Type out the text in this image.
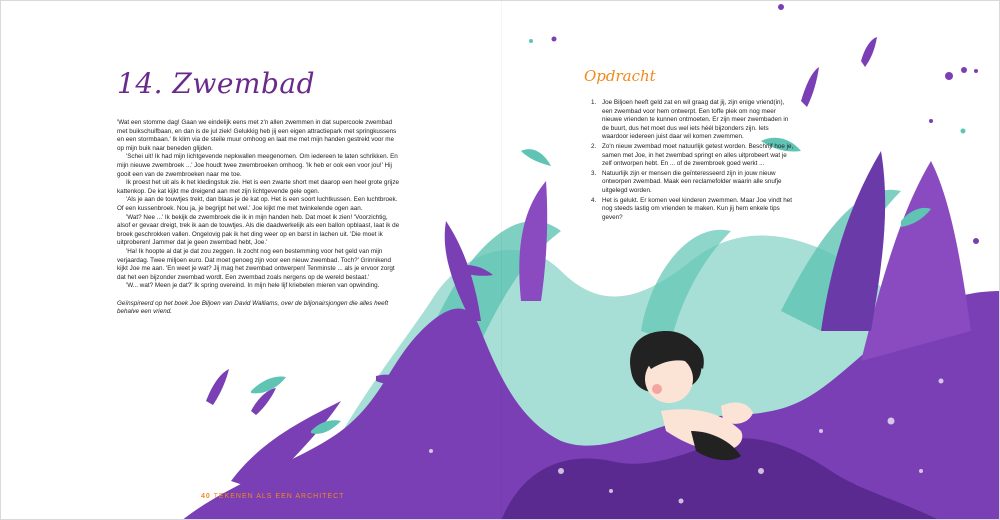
14. Zwembad

'Wat een stomme dag! Gaan we eindelijk eens met z'n allen zwemmen in dat supercoole zwembad met buikschuifbaan, en dan is de jul ziek! Gelukkig heb jij een eigen attractiepark met springkussens en een stormbaan.' Ik klim via de steile muur omhoog en laat me met mijn handen gestrekt voor me op mijn buik naar beneden glijden.

'Schei uit! Ik had mijn lichtgevende nepkwallen meegenomen. Om iedereen te laten schrikken. En mijn nieuwe zwembroek ...' Joe houdt twee zwembroeken omhoog. 'Ik heb er ook een voor jou!' Hij gooit een van de zwembroeken naar me toe.

Ik proest het uit als ik het kledingstuk zie. Het is een zwarte short met daarop een heel grote grijze kattenkop. De kat kijkt me dreigend aan met zijn lichtgevende gele ogen.

'Als je aan de touwtjes trekt, dan blaas je de kat op. Het is een soort luchtkussen. Een luchtbroek. Of een kussenbroek. Nou ja, je begrijpt het wel.' Joe kijkt me met twinkelende ogen aan.

'Wat? Nee ...' Ik bekijk de zwembroek die ik in mijn handen heb. Dat moet ik zien! 'Voorzichtig, alsof er gevaar dreigt, trek ik aan de touwtjes. Als die daadwerkelijk als een ballon opblaast, laat ik de broek geschrokken vallen. Ongelovig pak ik het ding weer op en barst in lachen uit. 'Die moet ik uitproberen! Jammer dat je geen zwembad hebt, Joe.'

'Ha! Ik hoopte al dat je dat zou zeggen. Ik zocht nog een bestemming voor het geld van mijn verjaardag. Twee miljoen euro. Dat moet genoeg zijn voor een nieuw zwembad. Toch?' Grinnikend kijkt Joe me aan. 'En weet je wat? Jij mag het zwembad ontwerpen! Tenminste ... als je ervoor zorgt dat het een bijzonder zwembad wordt. Een zwembad zoals nergens op de wereld bestaat.'

'W... wat? Meen je dat?' Ik spring overeind. In mijn hele lijf kriebelen mieren van opwinding.

Geïnspireerd op het boek Joe Biljoen van David Walliams, over de biljonairsjongen die alles heeft behalve een vriend.

40 TEKENEN ALS EEN ARCHITECT
Opdracht
1. Joe Biljoen heeft geld zat en wil graag dat jij, zijn enige vriend(in), een zwembad voor hem ontwerpt. Een toffe plek om nog meer nieuwe vrienden te kunnen ontmoeten. Er zijn meer zwembaden in de buurt, dus het moet dus wel iets héél bijzonders zijn. Iets waardoor iedereen juist daar wil komen zwemmen.
2. Zo'n nieuw zwembad moet natuurlijk getest worden. Beschrijf hoe je, samen met Joe, in het zwembad springt en alles uitprobeert wat je zelf ontworpen hebt. En ... of de zwembroek goed werkt ...
3. Natuurlijk zijn er mensen die geïnteresseerd zijn in jouw nieuw ontworpen zwembad. Maak een reclamefolder waarin alle snufje uitgelegd worden.
4. Het is gelukt. Er komen veel kinderen zwemmen. Maar Joe vindt het nog steeds lastig om vrienden te maken. Kun jij hem enkele tips geven?
